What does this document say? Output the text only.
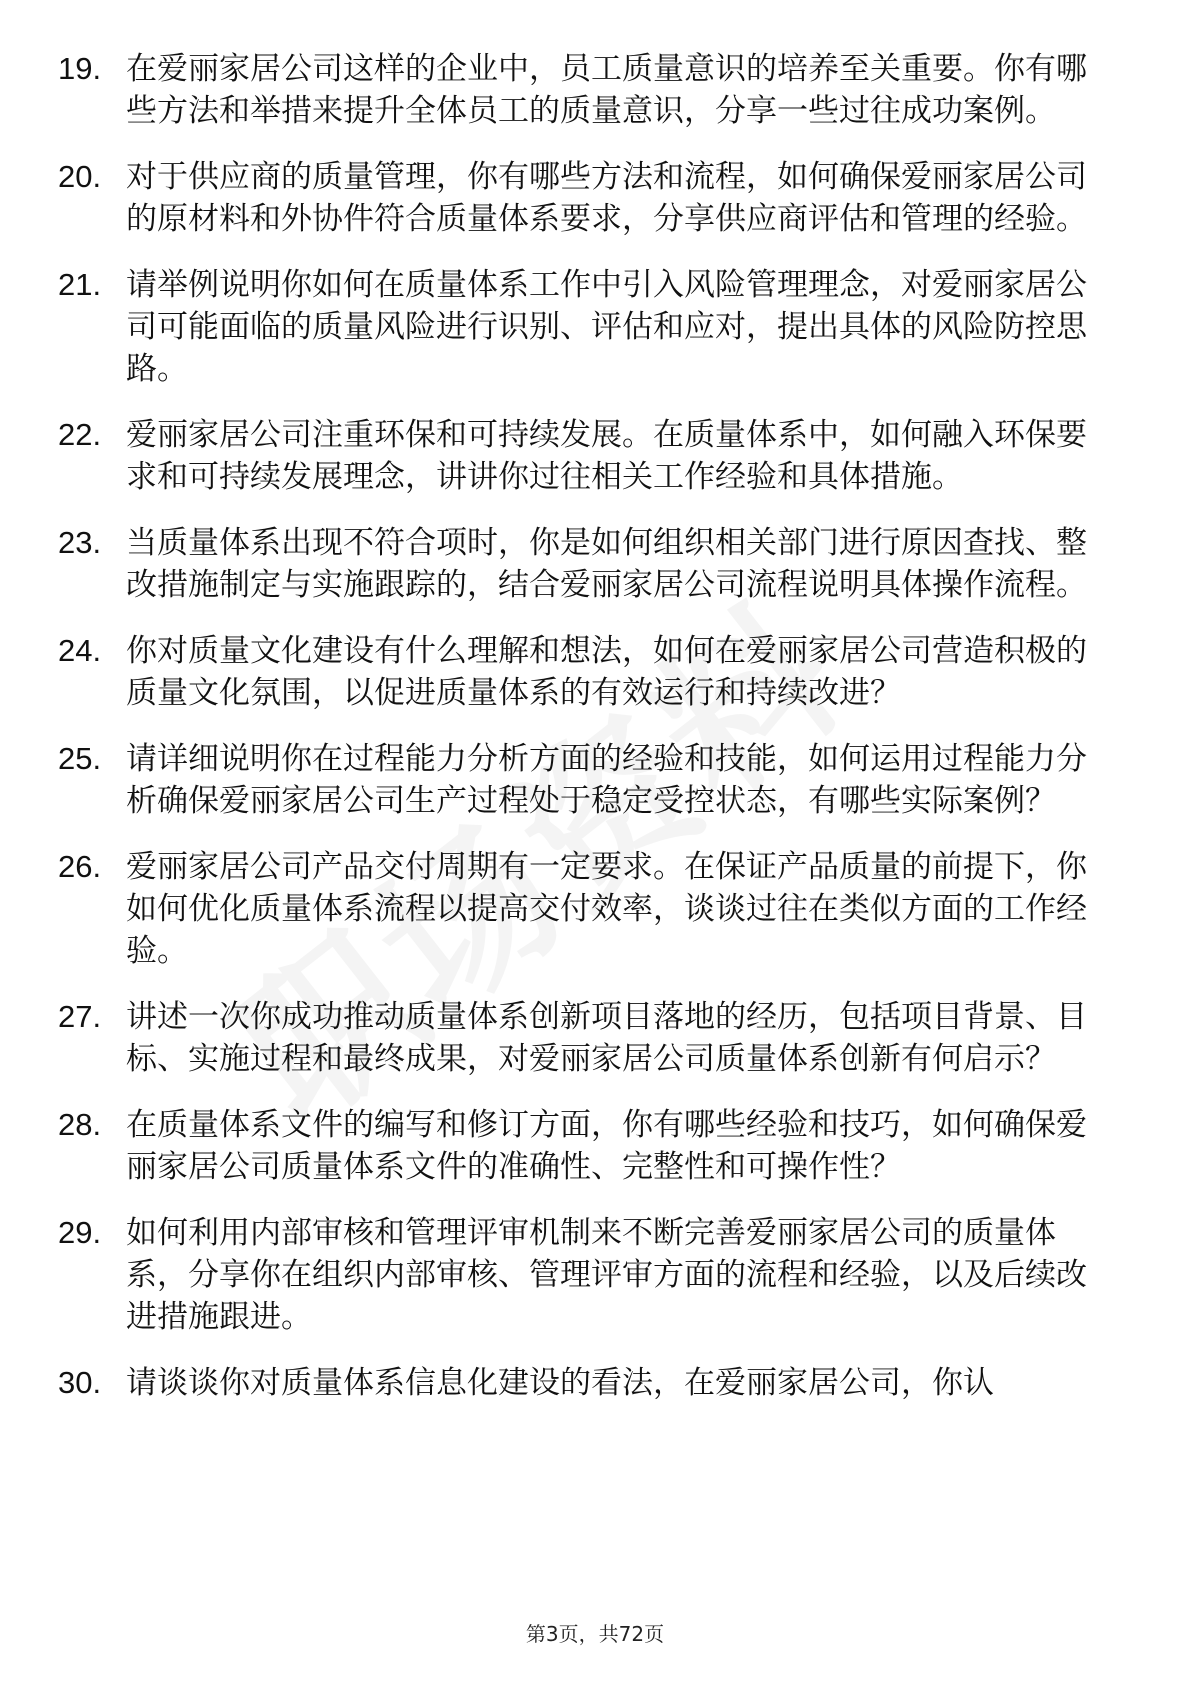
19. 在爱丽家居公司这样的企业中，员工质量意识的培养至关重要。你有哪些方法和举措来提升全体员工的质量意识，分享一些过往成功案例。
20. 对于供应商的质量管理，你有哪些方法和流程，如何确保爱丽家居公司的原材料和外协件符合质量体系要求，分享供应商评估和管理的经验。
21. 请举例说明你如何在质量体系工作中引入风险管理理念，对爱丽家居公司可能面临的质量风险进行识别、评估和应对，提出具体的风险防控思路。
22. 爱丽家居公司注重环保和可持续发展。在质量体系中，如何融入环保要求和可持续发展理念，讲讲你过往相关工作经验和具体措施。
23. 当质量体系出现不符合项时，你是如何组织相关部门进行原因查找、整改措施制定与实施跟踪的，结合爱丽家居公司流程说明具体操作流程。
24. 你对质量文化建设有什么理解和想法，如何在爱丽家居公司营造积极的质量文化氛围，以促进质量体系的有效运行和持续改进？
25. 请详细说明你在过程能力分析方面的经验和技能，如何运用过程能力分析确保爱丽家居公司生产过程处于稳定受控状态，有哪些实际案例？
26. 爱丽家居公司产品交付周期有一定要求。在保证产品质量的前提下，你如何优化质量体系流程以提高交付效率，谈谈过往在类似方面的工作经验。
27. 讲述一次你成功推动质量体系创新项目落地的经历，包括项目背景、目标、实施过程和最终成果，对爱丽家居公司质量体系创新有何启示？
28. 在质量体系文件的编写和修订方面，你有哪些经验和技巧，如何确保爱丽家居公司质量体系文件的准确性、完整性和可操作性？
29. 如何利用内部审核和管理评审机制来不断完善爱丽家居公司的质量体系，分享你在组织内部审核、管理评审方面的流程和经验，以及后续改进措施跟进。
30. 请谈谈你对质量体系信息化建设的看法，在爱丽家居公司，你认
第3页，共72页
